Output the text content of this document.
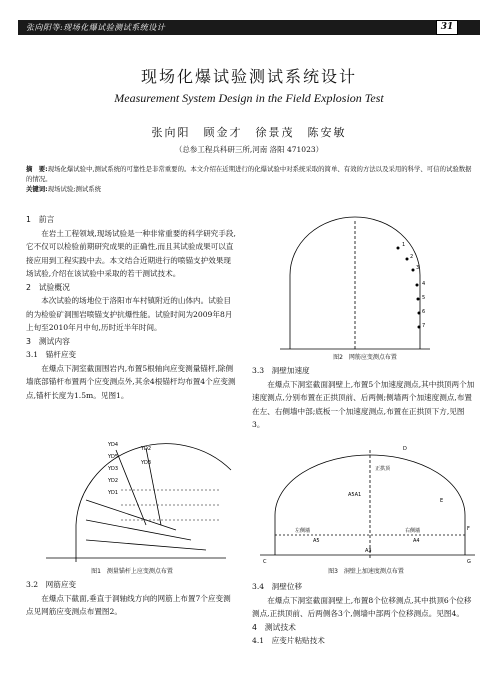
张向阳等:现场化爆试验测试系统设计	31
现场化爆试验测试系统设计
Measurement System Design in the Field Explosion Test
张向阳　顾金才　徐景茂　陈安敏
（总参工程兵科研三所,河南 洛阳 471023）
摘　要:现场化爆试验中,测试系统的可靠性是非常重要的。本文介绍在近期进行的化爆试验中对系统采取的简单、有效的方法以及采用的科学、可信的试验数据的情况。
关键词:现场试验;测试系统

1　前言

在岩土工程领域,现场试验是一种非常重要的科学研究手段,它不仅可以检验前期研究成果的正确性,而且其试验成果可以直接应用到工程实践中去。本文结合近期进行的喷锚支护效果现场试验,介绍在该试验中采取的若干测试技术。

2　试验概况

本次试验的场地位于洛阳市车村镇附近的山体内。试验目的为检验矿洞围岩喷锚支护抗爆性能。试验时间为2009年8月上旬至2010年月中旬,历时近半年时间。

3　测试内容

3.1　锚杆应变

在爆点下洞室截面围岩内,布置5根轴向应变测量锚杆,除侧墙底部锚杆布置两个应变测点外,其余4根锚杆均布置4个应变测点,锚杆长度为1.5m。见图1。

1
2
3
4
5
6
7
图2　网筋应变测点布置

3.3　洞壁加速度

在爆点下洞室截面洞壁上,布置5个加速度测点,其中拱顶两个加速度测点,分别布置在正拱顶前、后两侧;侧墙两个加速度测点,布置在左、右侧墙中部;底板一个加速度测点,布置在正拱顶下方,见图3。

YD4
YD5
YD3
YD2
YD1
YD2
YD3
图1　测量锚杆上应变测点布置
D
A5A1
E
F
A5	A4
A3
C	G
正拱顶
左侧墙	右侧墙
图3　洞壁上加速度测点布置

3.2　网筋应变

在爆点下截面,垂直于洞轴线方向的网筋上布置7个应变测点见网筋应变测点布置图2。

3.4　洞壁位移

在爆点下洞室截面洞壁上,布置8个位移测点,其中拱顶6个位移测点,正拱顶前、后两侧各3个,侧墙中部两个位移测点。见图4。

4　测试技术

4.1　应变片粘贴技术
